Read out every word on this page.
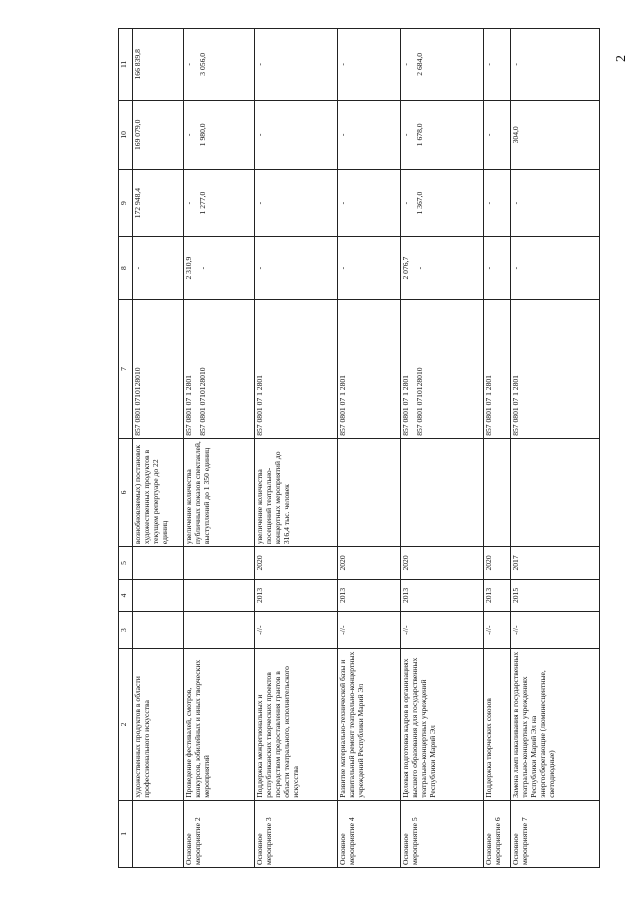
2
1	2	3	4	5	6	7	8	9	10	11
	художественных продуктов в области профессионального искусства				вознобновляемых) постановок художественных продуктов в текущем репертуаре до 22 единиц	857 0801 0710128010	-	172 948,4	169 079,0	166 839,8

Основное мероприятие 2	Проведение фестивалей, смотров, конкурсов, юбилейных и иных творческих мероприятий				увеличение количества публичных показов спектаклей, выступлений до 1 350 единиц	857 0801 07 1 2801 857 0801 0710128010	2 310,9 -	- 1 277,0	- 1 980,0	- 3 056,0

Основное мероприятие 3	Поддержка межрегиональных и республиканских творческих проектов посредством предоставления грантов в области театрального, исполнительского искусства	-//-	2013	2020	увеличение количества посещений театрально-концертных мероприятий до 316,4 тыс. человек	857 0801 07 1 2801	-	-	-	-

Основное мероприятие 4	Развитие материально-технической базы и капитальный ремонт театрально-концертных учреждений Республики Марий Эл	-//-	2013	2020		857 0801 07 1 2801	-	-	-	-

Основное мероприятие 5	Целевая подготовка кадров в организациях высшего образования для государственных театрально-концертных учреждений Республики Марий Эл	-//-	2013	2020		857 0801 07 1 2801 857 0801 0710128010	2 076,7 -	- 1 367,0	- 1 678,0	- 2 684,0

Основное мероприятие 6	Поддержка творческих союзов	-//-	2013	2020		857 0801 07 1 2801	-	-	-	-

Основное мероприятие 7	Замена ламп накаливания в государственных театрально-концертных учреждениях Республики Марий Эл на энергосберегающие (люминесцентные, светодиодные)	-//-	2015	2017		857 0801 07 1 2801	-	-	304,0	-
